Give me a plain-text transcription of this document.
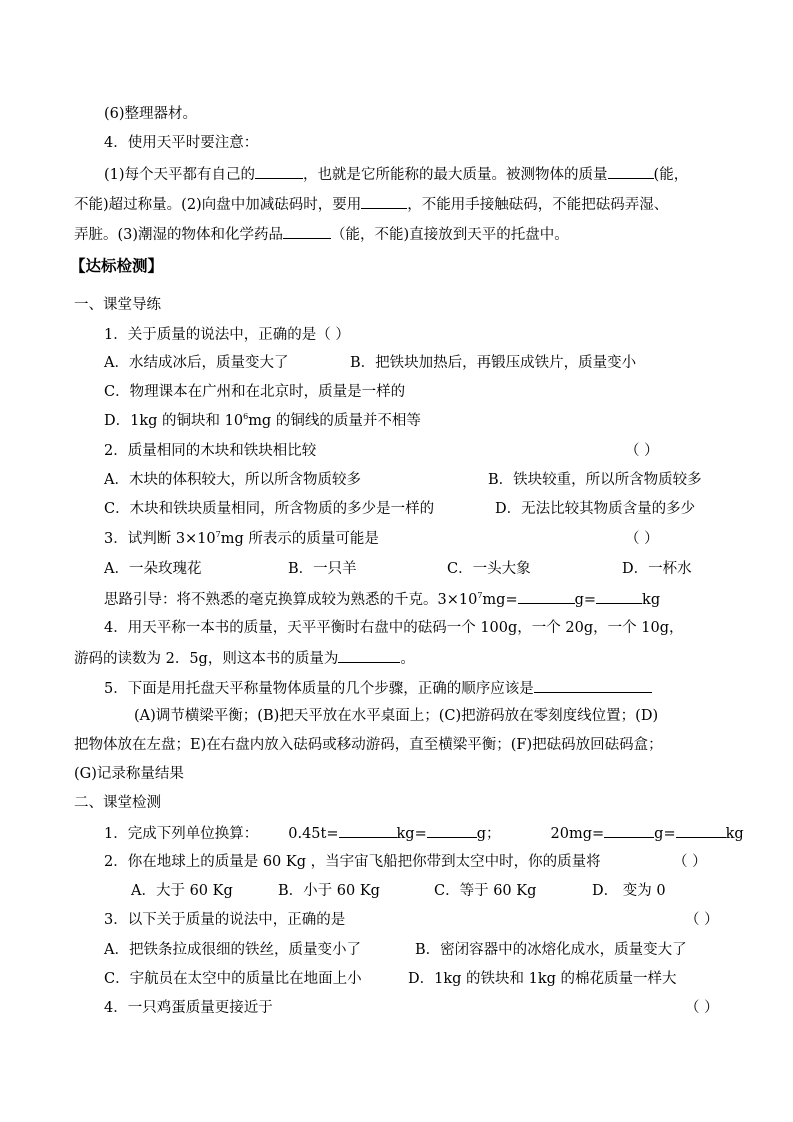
(6)整理器材。
4．使用天平时要注意：
(1)每个天平都有自己的	，也就是它所能称的最大质量。被测物体的质量	(能，
不能)超过称量。(2)向盘中加减砝码时，要用	，不能用手接触砝码，不能把砝码弄湿、
弄脏。(3)潮湿的物体和化学药品	（能，不能)直接放到天平的托盘中。
【达标检测】
一、课堂导练
1．关于质量的说法中，正确的是（ ）
A．水结成冰后，质量变大了	B．把铁块加热后，再锻压成铁片，质量变小
C．物理课本在广州和在北京时，质量是一样的
D．1kg 的铜块和 $10^6mg$ 的铜线的质量并不相等
2．质量相同的木块和铁块相比较	（ ）
A．木块的体积较大，所以所含物质较多	B．铁块较重，所以所含物质较多
C．木块和铁块质量相同，所含物质的多少是一样的	D．无法比较其物质含量的多少
3．试判断 $3\times 10^7mg$ 所表示的质量可能是	（ ）
A．一朵玫瑰花	B．一只羊	C．一头大象	D．一杯水
思路引导：将不熟悉的毫克换算成较为熟悉的千克。$3\times 10^7mg=$	g=	kg
4．用天平称一本书的质量，天平平衡时右盘中的砝码一个 100g，一个 20g，一个 10g，
游码的读数为 2．5g，则这本书的质量为	。
5．下面是用托盘天平称量物体质量的几个步骤，正确的顺序应该是
(A)调节横梁平衡；(B)把天平放在水平桌面上；(C)把游码放在零刻度线位置；(D)
把物体放在左盘；E)在右盘内放入砝码或移动游码，直至横梁平衡；(F)把砝码放回砝码盒；
(G)记录称量结果
二、课堂检测
1．完成下列单位换算： 0.45t=	kg=	g；	20mg=	g=	kg
2．你在地球上的质量是 60 Kg ，当宇宙飞船把你带到太空中时，你的质量将	（ ）
A．大于 60 Kg	B．小于 60 Kg	C．等于 60 Kg	D． 变为 0
3．以下关于质量的说法中，正确的是	（ ）
A．把铁条拉成很细的铁丝，质量变小了	B．密闭容器中的冰熔化成水，质量变大了
C．宇航员在太空中的质量比在地面上小	D．1kg 的铁块和 1kg 的棉花质量一样大
4．一只鸡蛋质量更接近于	（ ）
